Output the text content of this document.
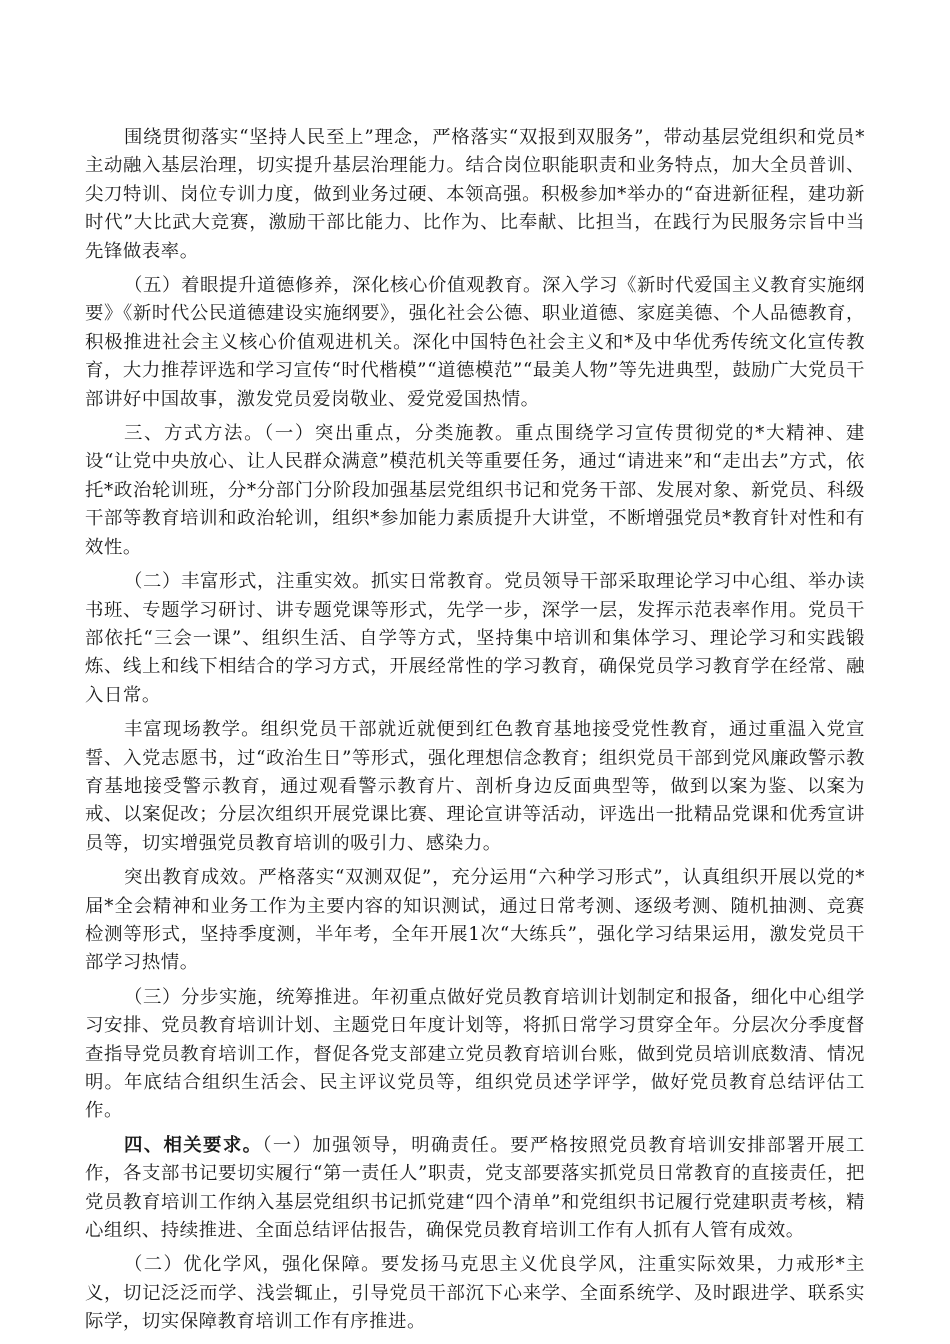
围绕贯彻落实“坚持人民至上”理念，严格落实“双报到双服务”，带动基层党组织和党员*主动融入基层治理，切实提升基层治理能力。结合岗位职能职责和业务特点，加大全员普训、尖刀特训、岗位专训力度，做到业务过硬、本领高强。积极参加*举办的“奋进新征程，建功新时代”大比武大竞赛，激励干部比能力、比作为、比奉献、比担当，在践行为民服务宗旨中当先锋做表率。

（五）着眼提升道德修养，深化核心价值观教育。深入学习《新时代爱国主义教育实施纲要》《新时代公民道德建设实施纲要》，强化社会公德、职业道德、家庭美德、个人品德教育，积极推进社会主义核心价值观进机关。深化中国特色社会主义和*及中华优秀传统文化宣传教育，大力推荐评选和学习宣传“时代楷模”“道德模范”“最美人物”等先进典型，鼓励广大党员干部讲好中国故事，激发党员爱岗敬业、爱党爱国热情。

三、方式方法。（一）突出重点，分类施教。重点围绕学习宣传贯彻党的*大精神、建设“让党中央放心、让人民群众满意”模范机关等重要任务，通过“请进来”和“走出去”方式，依托*政治轮训班，分*分部门分阶段加强基层党组织书记和党务干部、发展对象、新党员、科级干部等教育培训和政治轮训，组织*参加能力素质提升大讲堂，不断增强党员*教育针对性和有效性。

（二）丰富形式，注重实效。抓实日常教育。党员领导干部采取理论学习中心组、举办读书班、专题学习研讨、讲专题党课等形式，先学一步，深学一层，发挥示范表率作用。党员干部依托“三会一课”、组织生活、自学等方式，坚持集中培训和集体学习、理论学习和实践锻炼、线上和线下相结合的学习方式，开展经常性的学习教育，确保党员学习教育学在经常、融入日常。

丰富现场教学。组织党员干部就近就便到红色教育基地接受党性教育，通过重温入党宣誓、入党志愿书，过“政治生日”等形式，强化理想信念教育；组织党员干部到党风廉政警示教育基地接受警示教育，通过观看警示教育片、剖析身边反面典型等，做到以案为鉴、以案为戒、以案促改；分层次组织开展党课比赛、理论宣讲等活动，评选出一批精品党课和优秀宣讲员等，切实增强党员教育培训的吸引力、感染力。

突出教育成效。严格落实“双测双促”，充分运用“六种学习形式”，认真组织开展以党的*届*全会精神和业务工作为主要内容的知识测试，通过日常考测、逐级考测、随机抽测、竞赛检测等形式，坚持季度测，半年考，全年开展1次“大练兵”，强化学习结果运用，激发党员干部学习热情。

（三）分步实施，统筹推进。年初重点做好党员教育培训计划制定和报备，细化中心组学习安排、党员教育培训计划、主题党日年度计划等，将抓日常学习贯穿全年。分层次分季度督查指导党员教育培训工作，督促各党支部建立党员教育培训台账，做到党员培训底数清、情况明。年底结合组织生活会、民主评议党员等，组织党员述学评学，做好党员教育总结评估工作。

四、相关要求。（一）加强领导，明确责任。要严格按照党员教育培训安排部署开展工作，各支部书记要切实履行“第一责任人”职责，党支部要落实抓党员日常教育的直接责任，把党员教育培训工作纳入基层党组织书记抓党建“四个清单”和党组织书记履行党建职责考核，精心组织、持续推进、全面总结评估报告，确保党员教育培训工作有人抓有人管有成效。

（二）优化学风，强化保障。要发扬马克思主义优良学风，注重实际效果，力戒形*主义，切记泛泛而学、浅尝辄止，引导党员干部沉下心来学、全面系统学、及时跟进学、联系实际学，切实保障教育培训工作有序推进。
